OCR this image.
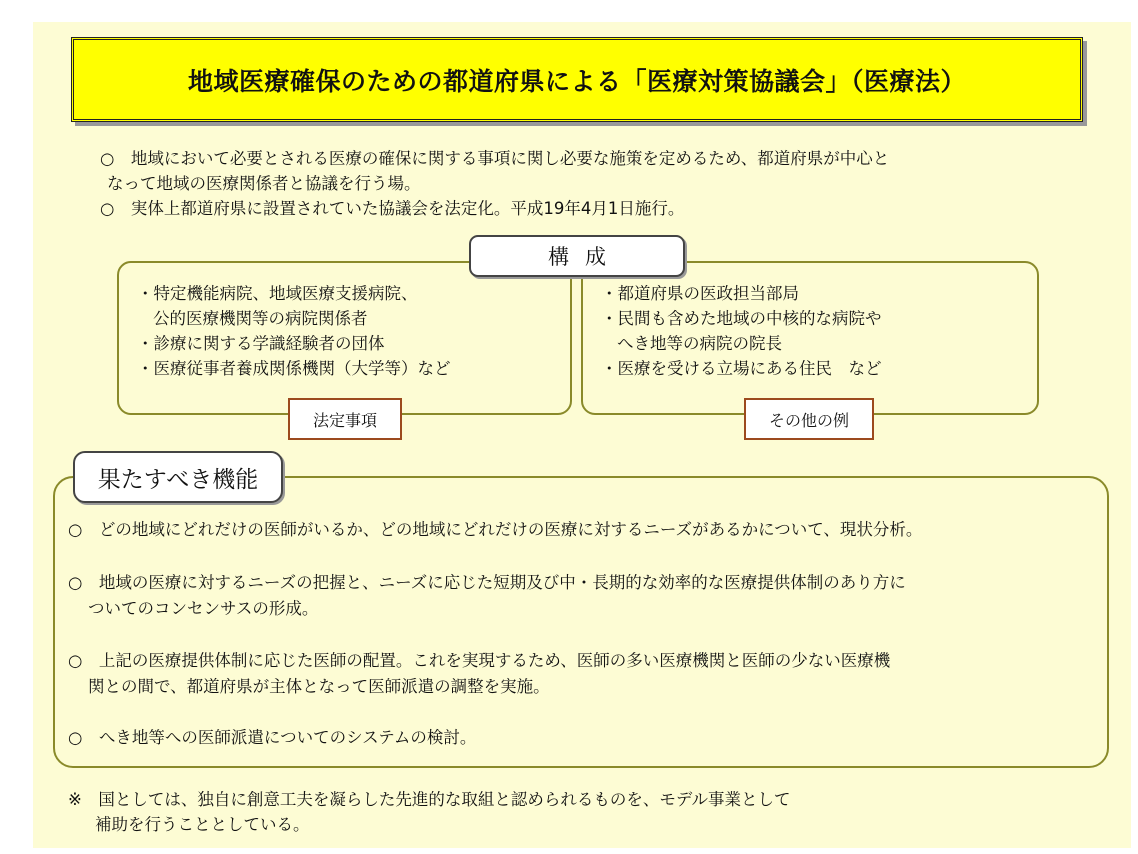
地域医療確保のための都道府県による「医療対策協議会」（医療法）

○　地域において必要とされる医療の確保に関する事項に関し必要な施策を定めるため、都道府県が中心と

なって地域の医療関係者と協議を行う場。

○　実体上都道府県に設置されていた協議会を法定化。平成19年4月1日施行。

・特定機能病院、地域医療支援病院、
公的医療機関等の病院関係者
・診療に関する学識経験者の団体
・医療従事者養成関係機関（大学等）など
・都道府県の医政担当部局
・民間も含めた地域の中核的な病院や
へき地等の病院の院長
・医療を受ける立場にある住民　など
構成
法定事項	その他の例
果たすべき機能

○　どの地域にどれだけの医師がいるか、どの地域にどれだけの医療に対するニーズがあるかについて、現状分析。

○　地域の医療に対するニーズの把握と、ニーズに応じた短期及び中・長期的な効率的な医療提供体制のあり方に
ついてのコンセンサスの形成。

○　上記の医療提供体制に応じた医師の配置。これを実現するため、医師の多い医療機関と医師の少ない医療機
関との間で、都道府県が主体となって医師派遣の調整を実施。

○　へき地等への医師派遣についてのシステムの検討。

※　国としては、独自に創意工夫を凝らした先進的な取組と認められるものを、モデル事業として
補助を行うこととしている。
